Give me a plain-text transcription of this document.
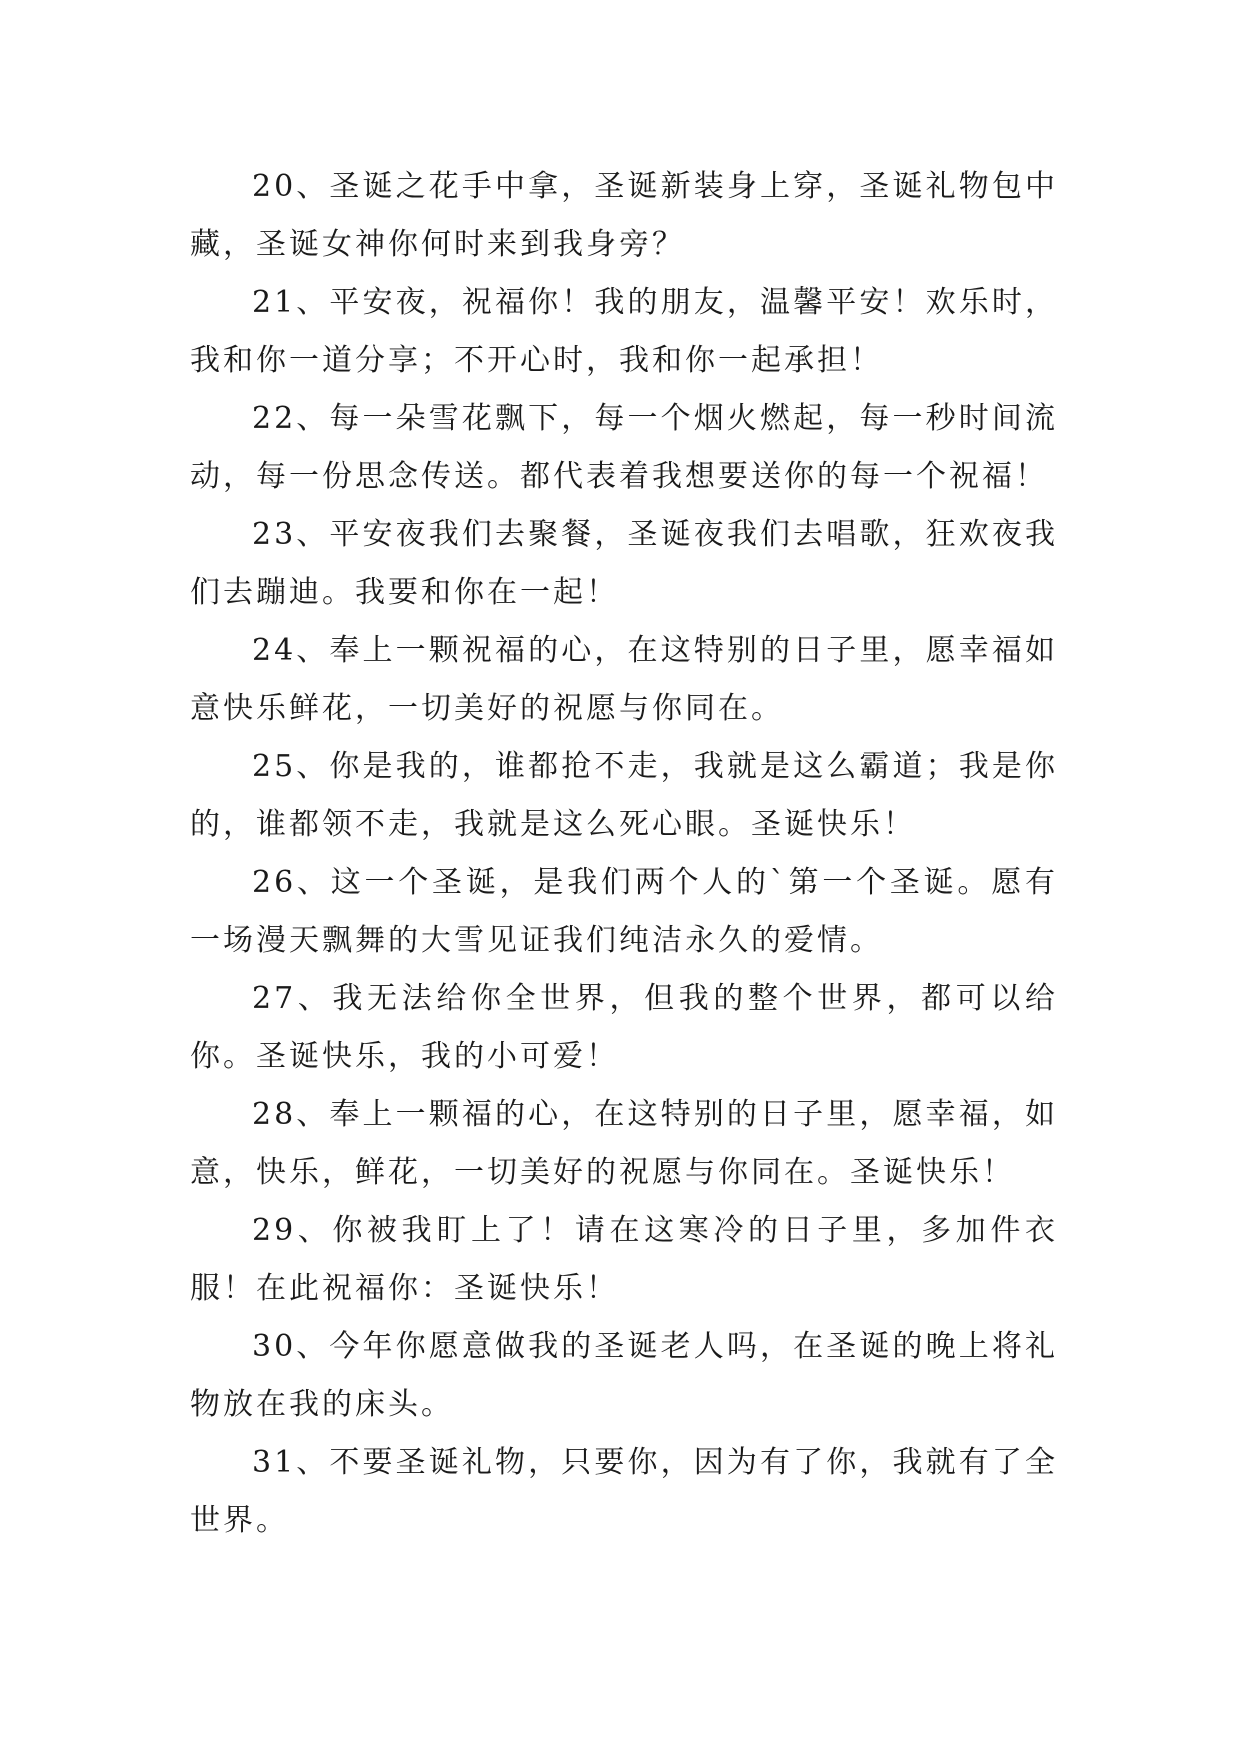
20、圣诞之花手中拿，圣诞新装身上穿，圣诞礼物包中藏，圣诞女神你何时来到我身旁？

21、平安夜，祝福你！我的朋友，温馨平安！欢乐时，我和你一道分享；不开心时，我和你一起承担！

22、每一朵雪花飘下，每一个烟火燃起，每一秒时间流动，每一份思念传送。都代表着我想要送你的每一个祝福！

23、平安夜我们去聚餐，圣诞夜我们去唱歌，狂欢夜我们去蹦迪。我要和你在一起！

24、奉上一颗祝福的心，在这特别的日子里，愿幸福如意快乐鲜花，一切美好的祝愿与你同在。

25、你是我的，谁都抢不走，我就是这么霸道；我是你的，谁都领不走，我就是这么死心眼。圣诞快乐！

26、这一个圣诞，是我们两个人的`第一个圣诞。愿有一场漫天飘舞的大雪见证我们纯洁永久的爱情。

27、我无法给你全世界，但我的整个世界，都可以给你。圣诞快乐，我的小可爱！

28、奉上一颗福的心，在这特别的日子里，愿幸福，如意，快乐，鲜花，一切美好的祝愿与你同在。圣诞快乐！

29、你被我盯上了！请在这寒冷的日子里，多加件衣服！在此祝福你：圣诞快乐！

30、今年你愿意做我的圣诞老人吗，在圣诞的晚上将礼物放在我的床头。

31、不要圣诞礼物，只要你，因为有了你，我就有了全世界。
